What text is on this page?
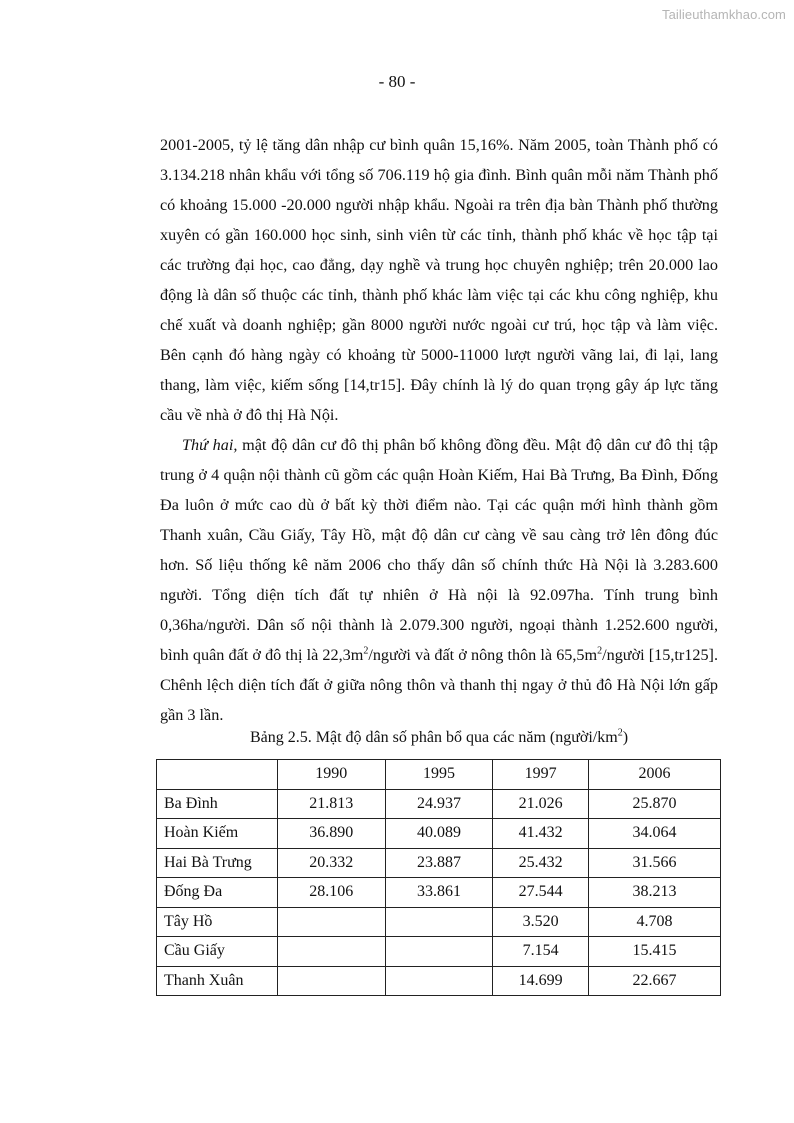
Tailieuthamkhao.com
- 80 -

2001-2005, tỷ lệ tăng dân nhập cư bình quân 15,16%. Năm 2005, toàn Thành phố có 3.134.218 nhân khẩu với tổng số 706.119 hộ gia đình. Bình quân mỗi năm Thành phố có khoảng 15.000 -20.000 người nhập khẩu. Ngoài ra trên địa bàn Thành phố thường xuyên có gần 160.000 học sinh, sinh viên từ các tỉnh, thành phố khác về học tập tại các trường đại học, cao đẳng, dạy nghề và trung học chuyên nghiệp; trên 20.000 lao động là dân số thuộc các tỉnh, thành phố khác làm việc tại các khu công nghiệp, khu chế xuất và doanh nghiệp; gần 8000 người nước ngoài cư trú, học tập và làm việc. Bên cạnh đó hàng ngày có khoảng từ 5000-11000 lượt người vãng lai, đi lại, lang thang, làm việc, kiếm sống [14,tr15]. Đây chính là lý do quan trọng gây áp lực tăng cầu về nhà ở đô thị Hà Nội.

Thứ hai, mật độ dân cư đô thị phân bố không đồng đều. Mật độ dân cư đô thị tập trung ở 4 quận nội thành cũ gồm các quận Hoàn Kiếm, Hai Bà Trưng, Ba Đình, Đống Đa luôn ở mức cao dù ở bất kỳ thời điểm nào. Tại các quận mới hình thành gồm Thanh xuân, Cầu Giấy, Tây Hồ, mật độ dân cư càng về sau càng trở lên đông đúc hơn. Số liệu thống kê năm 2006 cho thấy dân số chính thức Hà Nội là 3.283.600 người. Tổng diện tích đất tự nhiên ở Hà nội là 92.097ha. Tính trung bình 0,36ha/người. Dân số nội thành là 2.079.300 người, ngoại thành 1.252.600 người, bình quân đất ở đô thị là $22,3m^2$/người và đất ở nông thôn là $65,5m^2$/người [15,tr125]. Chênh lệch diện tích đất ở giữa nông thôn và thanh thị ngay ở thủ đô Hà Nội lớn gấp gần 3 lần.

Bảng 2.5. Mật độ dân số phân bổ qua các năm $(người/km^2)$
	1990	1995	1997	2006
Ba Đình	21.813	24.937	21.026	25.870
Hoàn Kiếm	36.890	40.089	41.432	34.064
Hai Bà Trưng	20.332	23.887	25.432	31.566
Đống Đa	28.106	33.861	27.544	38.213
Tây Hồ			3.520	4.708
Cầu Giấy			7.154	15.415
Thanh Xuân			14.699	22.667
